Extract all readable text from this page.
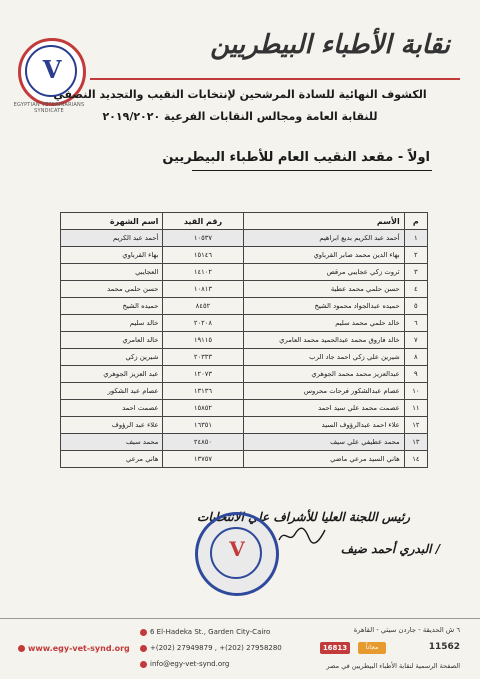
V
EGYPTIAN VETERINARIANS SYNDICATE
نقابة الأطباء البيطريين
الكشوف النهائية للسادة المرشحين لإنتخابات النقيب والتجديد النصفي
للنقابة العامة ومجالس النقابات الفرعية ٢٠١٩/٢٠٢٠
اولاً - مقعد النقيب العام للأطباء البيطريين
م	الأسم	رقم القيد	اسم الشهرة
١	أحمد عبد الكريم بديع ابراهيم	١٠٥٣٧	أحمد عبد الكريم
٢	بهاء الدين محمد صابر القرباوي	١٥١٤٦	بهاء القرباوي
٣	ثروت زكي عجايبي مرقص	١٤١٠٢	العجايبي
٤	حسن حلمي محمد عطية	١٠٨١٣	حسن حلمي محمد
٥	حميده عبدالجواد محمود الشيخ	٨٤٥٢	حميده الشيخ
٦	خالد حلمي محمد سليم	٢٠٢٠٨	خالد سليم
٧	خالد فاروق محمد عبدالحميد محمد العامري	١٩١١٥	خالد العامري
٨	شيرين علي زكي احمد جاد الرب	٢٠٣٣٣	شيرين زكي
٩	عبدالعزيز محمد محمد الجوهري	١٢٠٧٣	عبد العزيز الجوهري
١٠	عصام عبدالشكور فرحات محروس	١٣١٣٦	عصام عبد الشكور
١١	عصمت محمد علي سيد احمد	١٥٨٥٢	عصمت احمد
١٢	علاء احمد عبدالرؤوف السيد	١٦٣٥١	علاء عبد الرؤوف
١٣	محمد عطيفي علي سيف	٢٤٨٥٠	محمد سيف
١٤	هاني السيد مرعي ماضي	١٣٧٥٧	هاني مرعي
رئيس اللجنة العليا للأشراف علي الانتخابات
/ البدري أحمد ضيف
V
٦ ش الحديقة - جاردن سيتي - القاهرة
16813	مجاناً	11562
الصفحة الرسمية لنقابة الأطباء البيطريين في مصر
6 El-Hadeka St., Garden City-Cairo
+(202) 27949879 , +(202) 27958280
info@egy-vet-synd.org
www.egy-vet-synd.org
